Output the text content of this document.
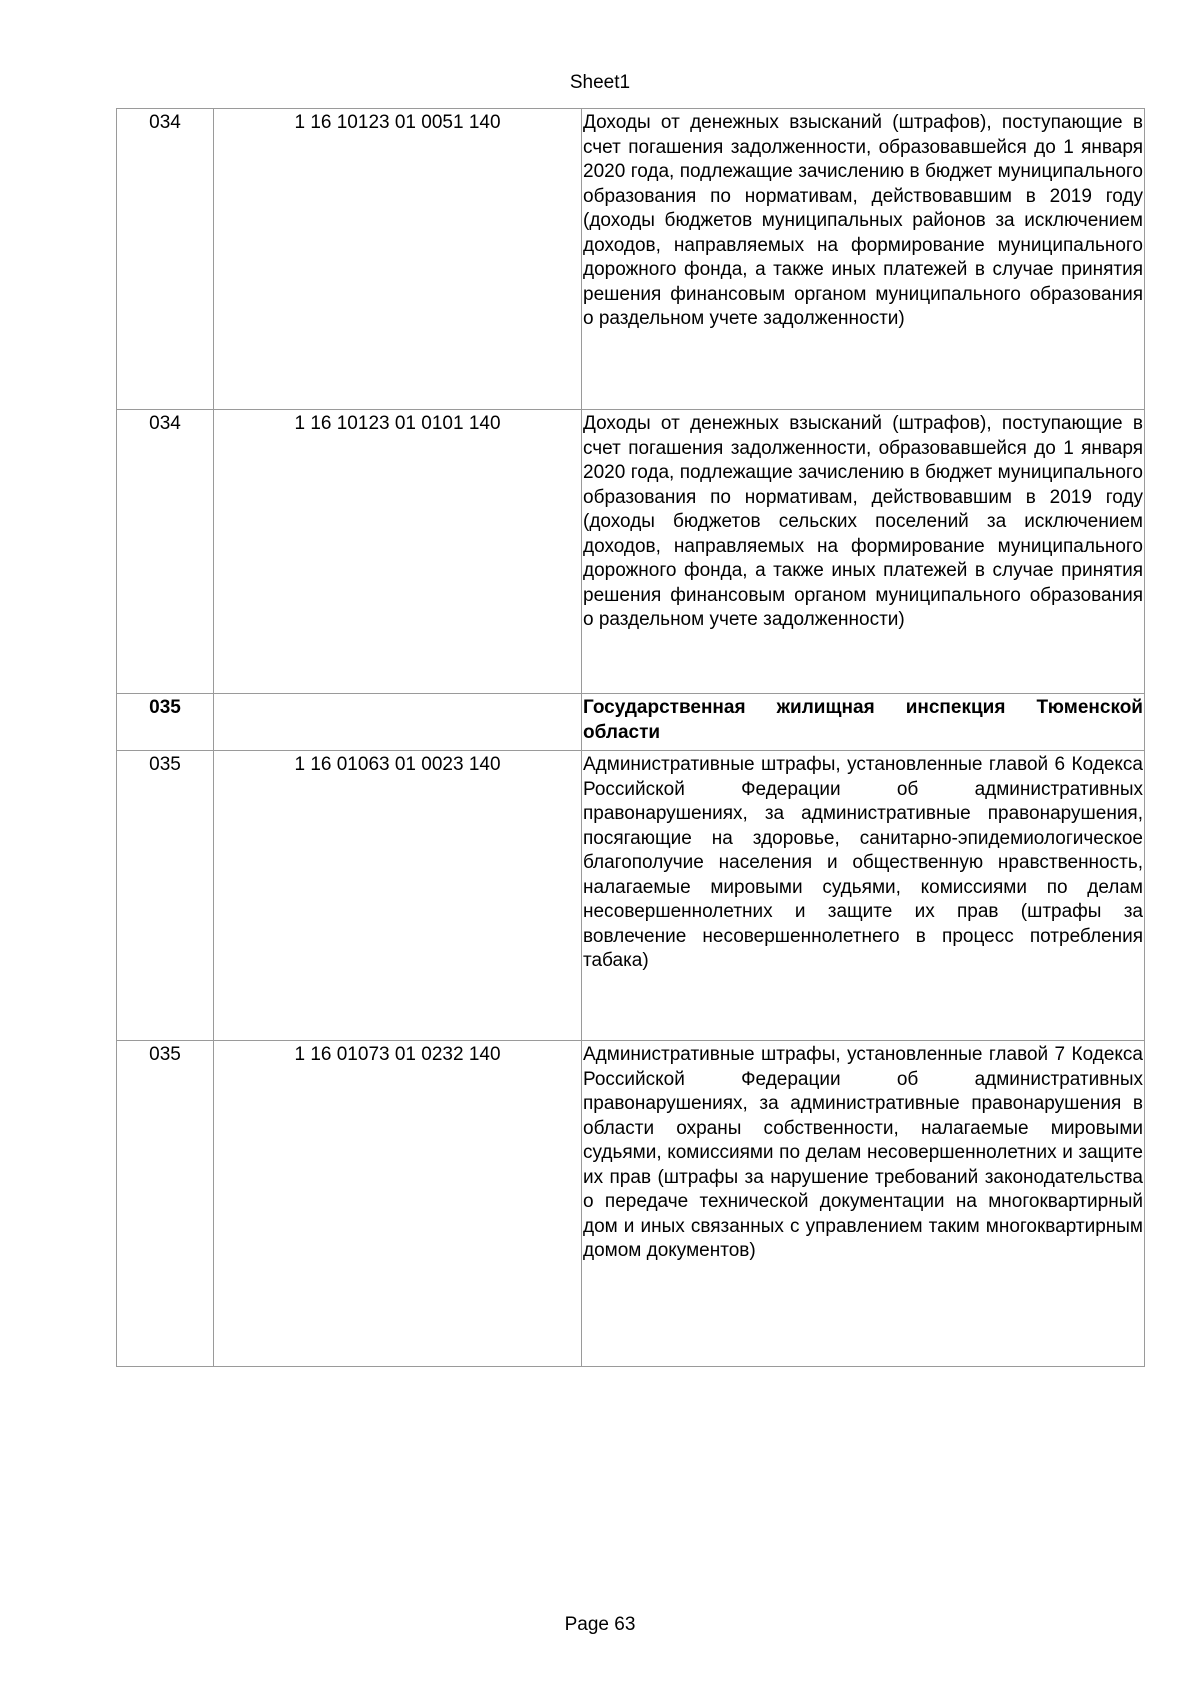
Sheet1
034	1 16 10123 01 0051 140	Доходы от денежных взысканий (штрафов), поступающие в счет погашения задолженности, образовавшейся до 1 января 2020 года, подлежащие зачислению в бюджет муниципального образования по нормативам, действовавшим в 2019 году (доходы бюджетов муниципальных районов за исключением доходов, направляемых на формирование муниципального дорожного фонда, а также иных платежей в случае принятия решения финансовым органом муниципального образования о раздельном учете задолженности)
034	1 16 10123 01 0101 140	Доходы от денежных взысканий (штрафов), поступающие в счет погашения задолженности, образовавшейся до 1 января 2020 года, подлежащие зачислению в бюджет муниципального образования по нормативам, действовавшим в 2019 году (доходы бюджетов сельских поселений за исключением доходов, направляемых на формирование муниципального дорожного фонда, а также иных платежей в случае принятия решения финансовым органом муниципального образования о раздельном учете задолженности)
035		Государственная жилищная инспекция Тюменской области
035	1 16 01063 01 0023 140	Административные штрафы, установленные главой 6 Кодекса Российской Федерации об административных правонарушениях, за административные правонарушения, посягающие на здоровье, санитарно-эпидемиологическое благополучие населения и общественную нравственность, налагаемые мировыми судьями, комиссиями по делам несовершеннолетних и защите их прав (штрафы за вовлечение несовершеннолетнего в процесс потребления табака)
035	1 16 01073 01 0232 140	Административные штрафы, установленные главой 7 Кодекса Российской Федерации об административных правонарушениях, за административные правонарушения в области охраны собственности, налагаемые мировыми судьями, комиссиями по делам несовершеннолетних и защите их прав (штрафы за нарушение требований законодательства о передаче технической документации на многоквартирный дом и иных связанных с управлением таким многоквартирным домом документов)
Page 63
